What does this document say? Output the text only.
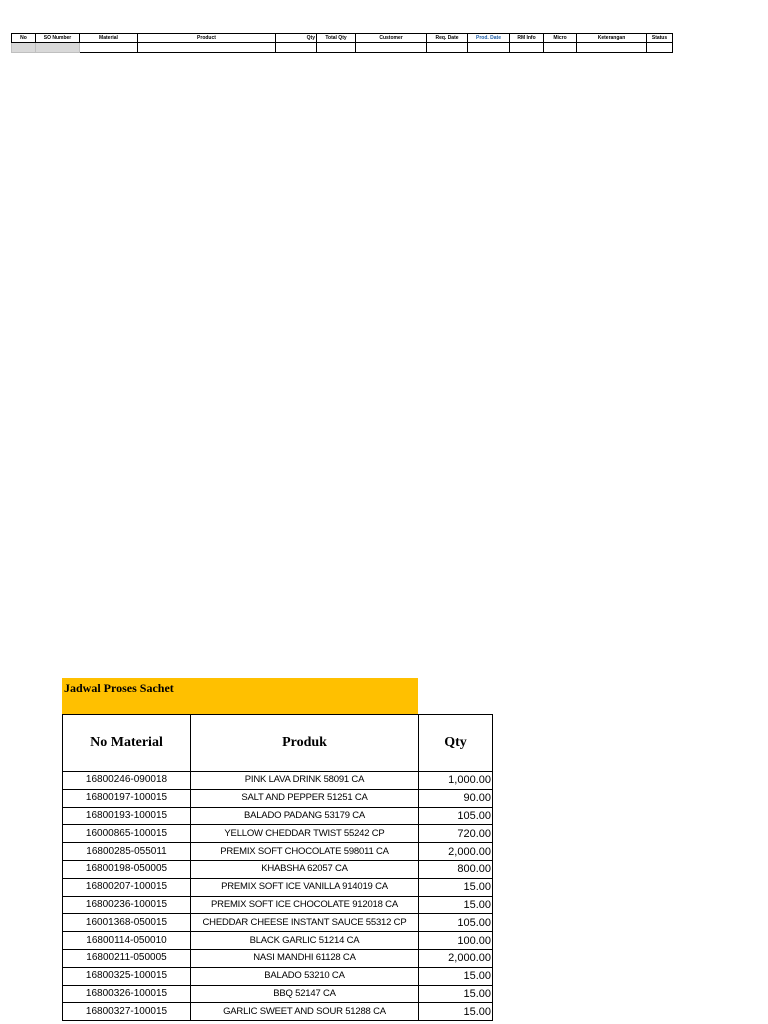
No	SO Number	Material	Product	Qty	Total Qty	Customer	Req. Date	Prod. Date	RM Info	Micro	Keterangan	Status

Jadwal Proses Sachet
No Material	Produk	Qty
16800246-090018	PINK LAVA DRINK 58091 CA	1,000.00
16800197-100015	SALT AND PEPPER 51251 CA	90.00
16800193-100015	BALADO PADANG 53179 CA	105.00
16000865-100015	YELLOW CHEDDAR TWIST 55242 CP	720.00
16800285-055011	PREMIX SOFT CHOCOLATE 598011 CA	2,000.00
16800198-050005	KHABSHA 62057 CA	800.00
16800207-100015	PREMIX SOFT ICE VANILLA 914019 CA	15.00
16800236-100015	PREMIX SOFT ICE CHOCOLATE 912018 CA	15.00
16001368-050015	CHEDDAR CHEESE INSTANT SAUCE 55312 CP	105.00
16800114-050010	BLACK GARLIC 51214 CA	100.00
16800211-050005	NASI MANDHI 61128 CA	2,000.00
16800325-100015	BALADO 53210 CA	15.00
16800326-100015	BBQ 52147 CA	15.00
16800327-100015	GARLIC SWEET AND SOUR 51288 CA	15.00
